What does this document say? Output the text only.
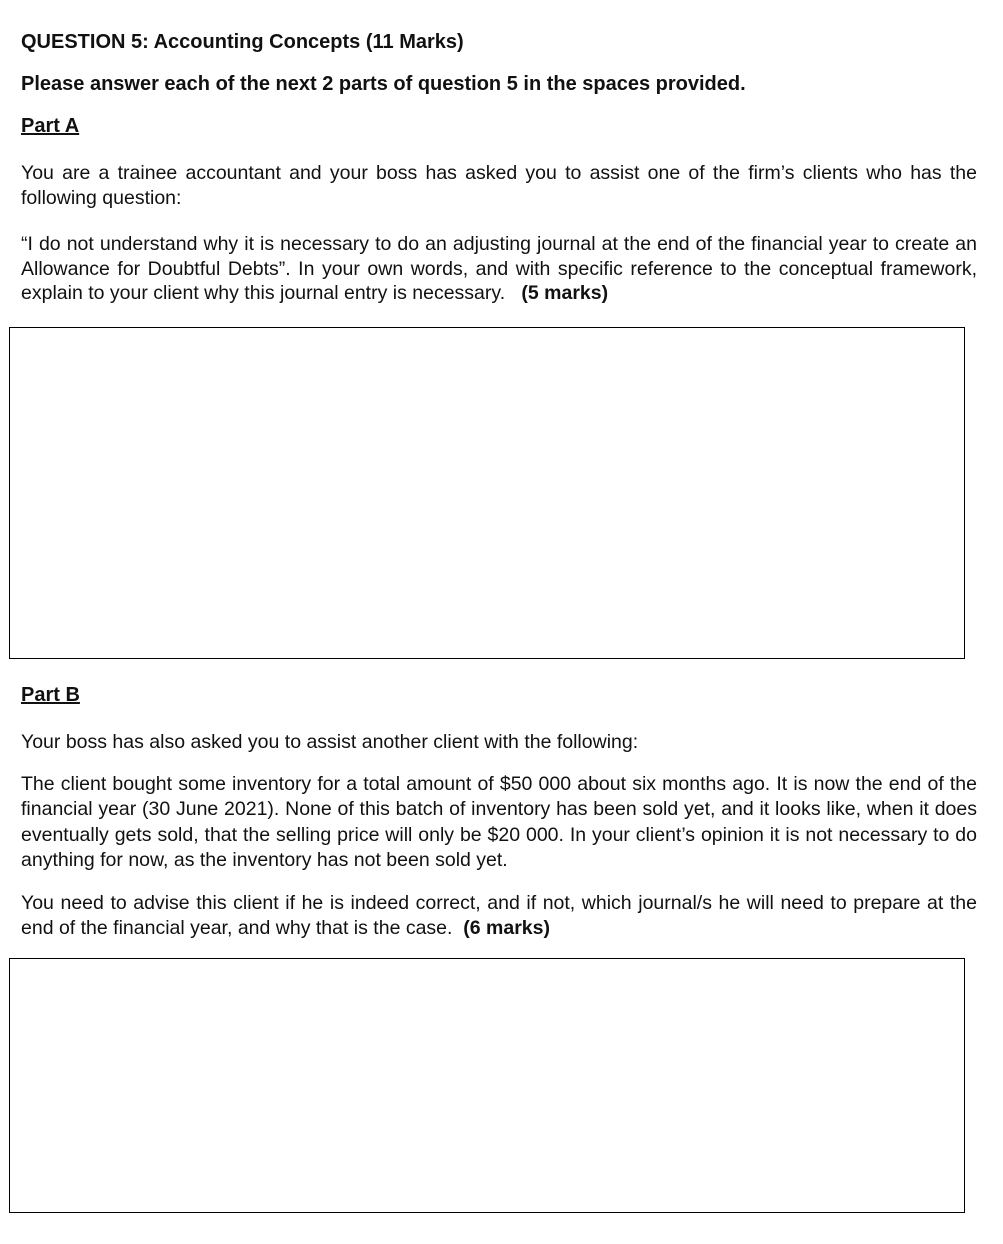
QUESTION 5: Accounting Concepts (11 Marks)

Please answer each of the next 2 parts of question 5 in the spaces provided.

Part A

You are a trainee accountant and your boss has asked you to assist one of the firm’s clients who has the following question:

“I do not understand why it is necessary to do an adjusting journal at the end of the financial year to create an Allowance for Doubtful Debts”. In your own words, and with specific reference to the conceptual framework, explain to your client why this journal entry is necessary. (5 marks)

Part B

Your boss has also asked you to assist another client with the following:

The client bought some inventory for a total amount of $50 000 about six months ago. It is now the end of the financial year (30 June 2021). None of this batch of inventory has been sold yet, and it looks like, when it does eventually gets sold, that the selling price will only be $20 000. In your client’s opinion it is not necessary to do anything for now, as the inventory has not been sold yet.

You need to advise this client if he is indeed correct, and if not, which journal/s he will need to prepare at the end of the financial year, and why that is the case. (6 marks)
